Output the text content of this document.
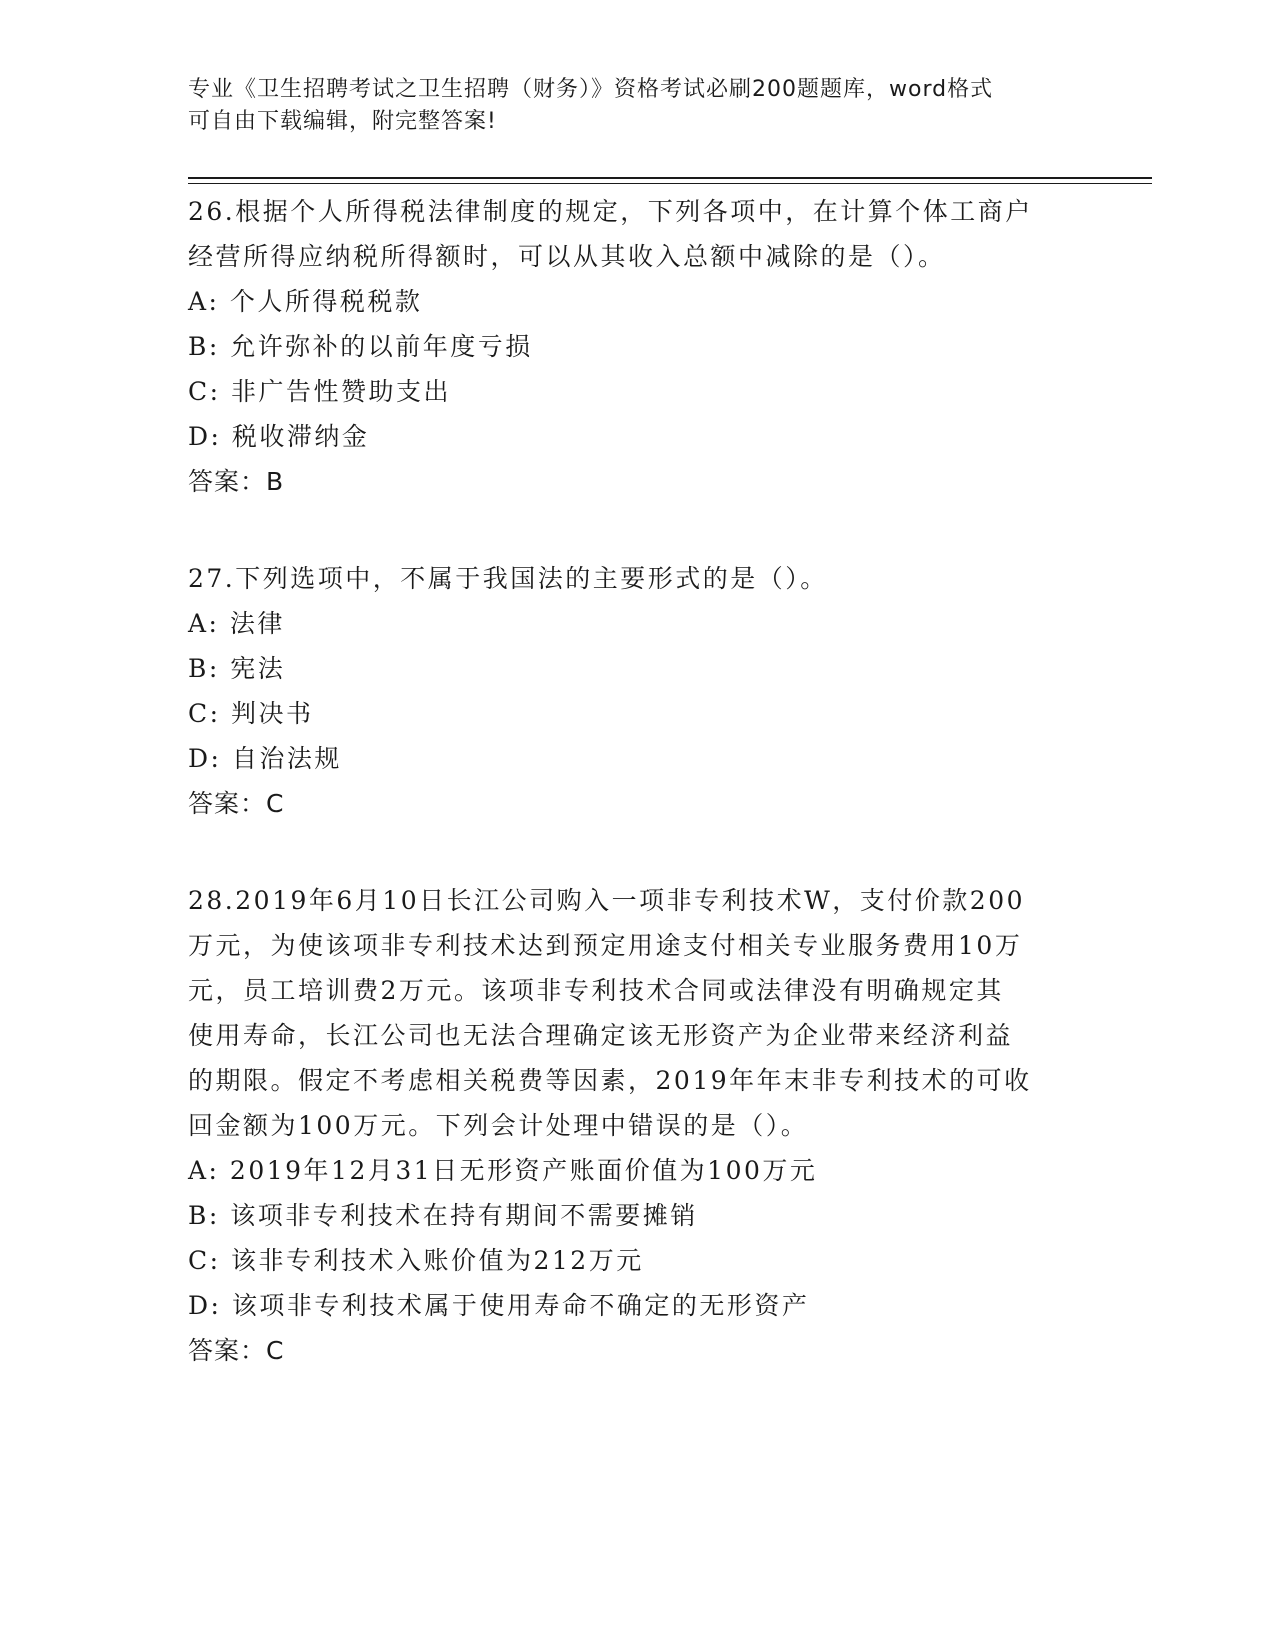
专业《卫生招聘考试之卫生招聘（财务）》资格考试必刷200题题库，word格式

可自由下载编辑，附完整答案!

26.根据个人所得税法律制度的规定，下列各项中，在计算个体工商户

经营所得应纳税所得额时，可以从其收入总额中减除的是（）。

A: 个人所得税税款
B: 允许弥补的以前年度亏损
C: 非广告性赞助支出
D: 税收滞纳金
答案：B

27.下列选项中，不属于我国法的主要形式的是（）。

A: 法律
B: 宪法
C: 判决书
D: 自治法规
答案：C

28.2019年6月10日长江公司购入一项非专利技术W，支付价款200

万元，为使该项非专利技术达到预定用途支付相关专业服务费用10万

元，员工培训费2万元。该项非专利技术合同或法律没有明确规定其

使用寿命，长江公司也无法合理确定该无形资产为企业带来经济利益

的期限。假定不考虑相关税费等因素，2019年年末非专利技术的可收

回金额为100万元。下列会计处理中错误的是（）。

A: 2019年12月31日无形资产账面价值为100万元
B: 该项非专利技术在持有期间不需要摊销
C: 该非专利技术入账价值为212万元
D: 该项非专利技术属于使用寿命不确定的无形资产
答案：C
